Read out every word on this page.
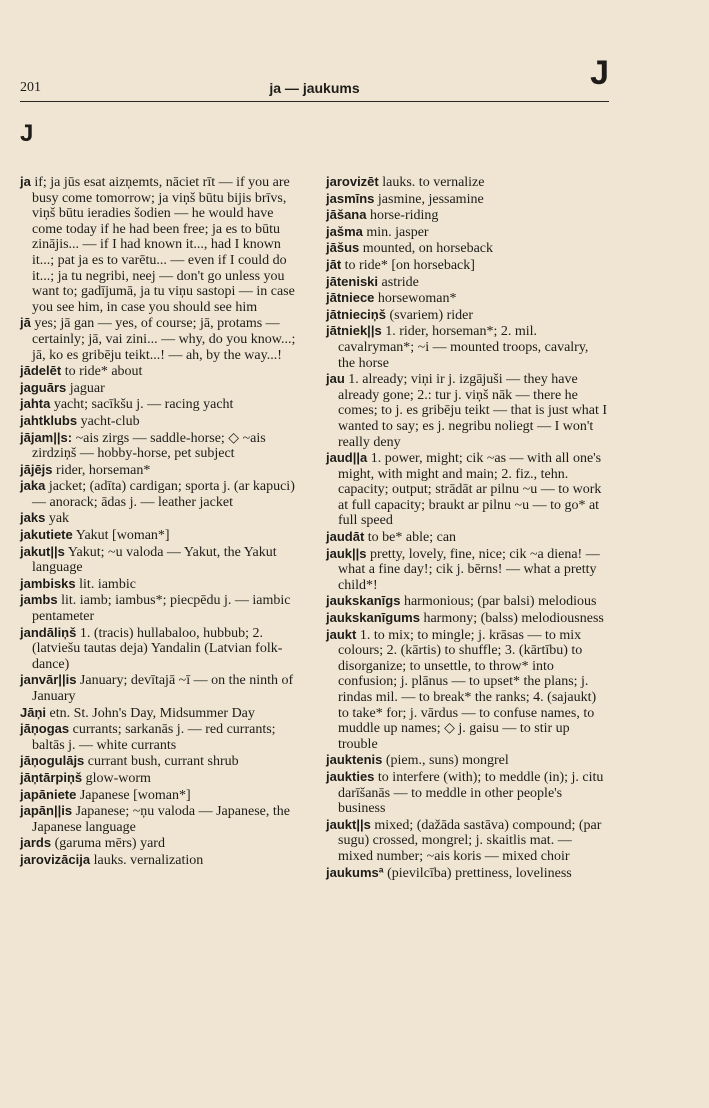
201	ja — jaukums	J
J

ja if; ja jūs esat aizņemts, nāciet rīt — if you are busy come tomorrow; ja viņš būtu bijis brīvs, viņš būtu ieradies šodien — he would have come today if he had been free; ja es to būtu zinājis... — if I had known it..., had I known it...; pat ja es to varētu... — even if I could do it...; ja tu negribi, neej — don't go unless you want to; gadījumā, ja tu viņu sastopi — in case you see him, in case you should see him

jā yes; jā gan — yes, of course; jā, protams — certainly; jā, vai zini... — why, do you know...; jā, ko es gribēju teikt...! — ah, by the way...!

jādelēt to ride* about

jaguārs jaguar

jahta yacht; sacīkšu j. — racing yacht

jahtklubs yacht-club

jājam||s: ~ais zirgs — saddle-horse; ◇ ~ais zirdziņš — hobby-horse, pet subject

jājējs rider, horseman*

jaka jacket; (adīta) cardigan; sporta j. (ar kapuci) — anorack; ādas j. — leather jacket

jaks yak

jakutiete Yakut [woman*]

jakut||s Yakut; ~u valoda — Yakut, the Yakut language

jambisks lit. iambic

jambs lit. iamb; iambus*; piecpēdu j. — iambic pentameter

jandāliņš 1. (tracis) hullabaloo, hubbub; 2. (latviešu tautas deja) Yandalin (Latvian folk-dance)

janvār||is January; devītajā ~ī — on the ninth of January

Jāņi etn. St. John's Day, Midsummer Day

jāņogas currants; sarkanās j. — red currants; baltās j. — white currants

jāņogulājs currant bush, currant shrub

jāņtārpiņš glow-worm

japāniete Japanese [woman*]

japān||is Japanese; ~ņu valoda — Japanese, the Japanese language

jards (garuma mērs) yard

jarovizācija lauks. vernalization

jarovizēt lauks. to vernalize

jasmīns jasmine, jessamine

jāšana horse-riding

jašma min. jasper

jāšus mounted, on horseback

jāt to ride* [on horseback]

jāteniski astride

jātniece horsewoman*

jātnieciņš (svariem) rider

jātniek||s 1. rider, horseman*; 2. mil. cavalryman*; ~i — mounted troops, cavalry, the horse

jau 1. already; viņi ir j. izgājuši — they have already gone; 2.: tur j. viņš nāk — there he comes; to j. es gribēju teikt — that is just what I wanted to say; es j. negribu noliegt — I won't really deny

jaud||a 1. power, might; cik ~as — with all one's might, with might and main; 2. fiz., tehn. capacity; output; strādāt ar pilnu ~u — to work at full capacity; braukt ar pilnu ~u — to go* at full speed

jaudāt to be* able; can

jauk||s pretty, lovely, fine, nice; cik ~a diena! — what a fine day!; cik j. bērns! — what a pretty child*!

jaukskanīgs harmonious; (par balsi) melodious

jaukskanīgums harmony; (balss) melodiousness

jaukt 1. to mix; to mingle; j. krāsas — to mix colours; 2. (kārtis) to shuffle; 3. (kārtību) to disorganize; to unsettle, to throw* into confusion; j. plānus — to upset* the plans; j. rindas mil. — to break* the ranks; 4. (sajaukt) to take* for; j. vārdus — to confuse names, to muddle up names; ◇ j. gaisu — to stir up trouble

jauktenis (piem., suns) mongrel

jaukties to interfere (with); to meddle (in); j. citu darīšanās — to meddle in other people's business

jaukt||s mixed; (dažāda sastāva) compound; (par sugu) crossed, mongrel; j. skaitlis mat. — mixed number; ~ais koris — mixed choir

jaukumsª (pievilcība) prettiness, loveliness
